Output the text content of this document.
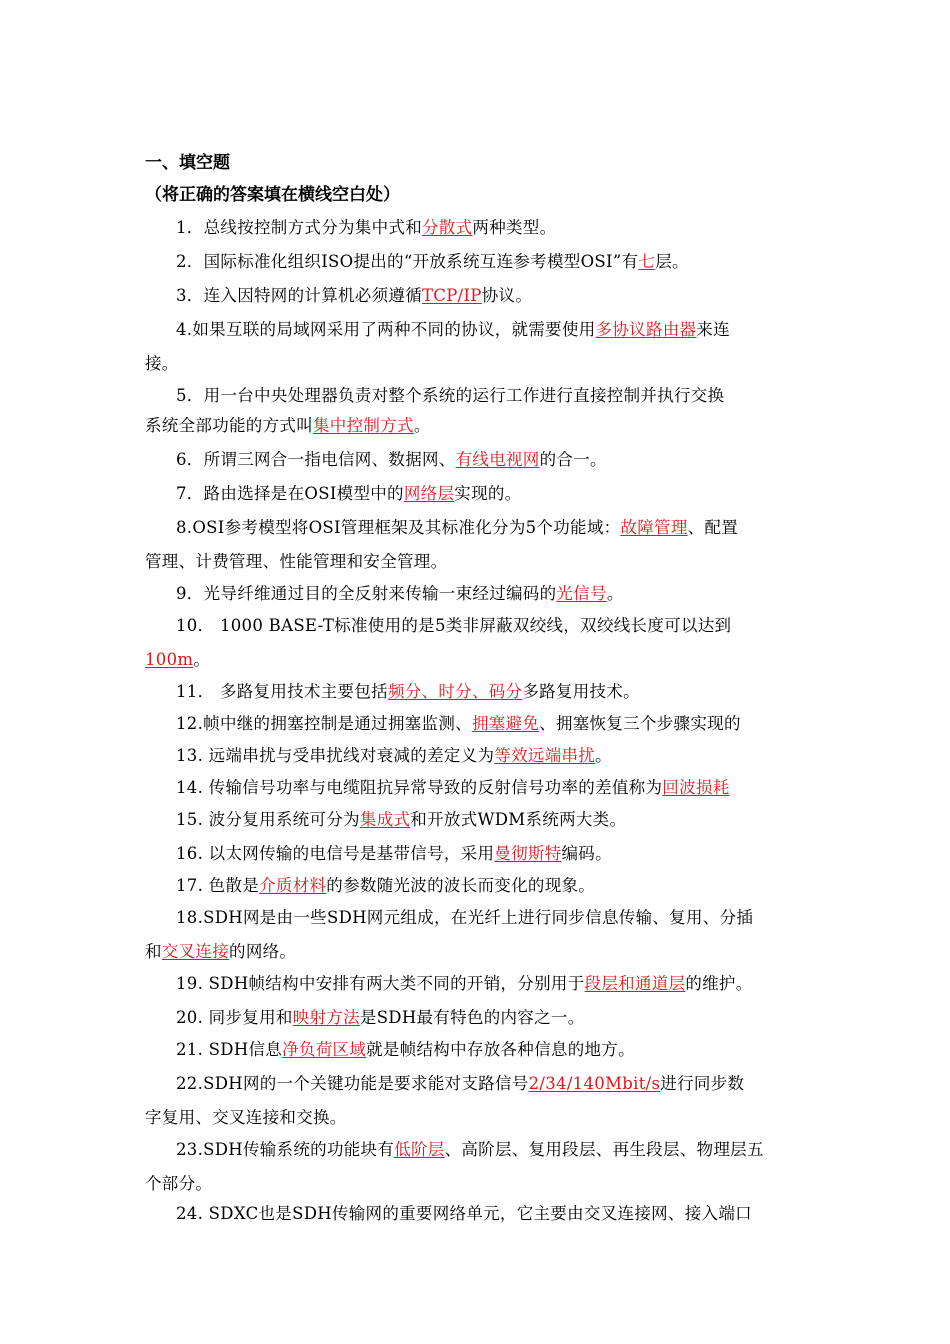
一、填空题
（将正确的答案填在横线空白处）
1．总线按控制方式分为集中式和分散式两种类型。
2．国际标准化组织ISO提出的“开放系统互连参考模型OSI”有七层。
3．连入因特网的计算机必须遵循TCP/IP协议。
4.如果互联的局域网采用了两种不同的协议，就需要使用多协议路由器来连
接。
5．用一台中央处理器负责对整个系统的运行工作进行直接控制并执行交换
系统全部功能的方式叫集中控制方式。
6．所谓三网合一指电信网、数据网、有线电视网的合一。
7．路由选择是在OSI模型中的网络层实现的。
8.OSI参考模型将OSI管理框架及其标准化分为5个功能域：故障管理、配置
管理、计费管理、性能管理和安全管理。
9．光导纤维通过目的全反射来传输一束经过编码的光信号。
10． 1000 BASE-T标准使用的是5类非屏蔽双绞线，双绞线长度可以达到
100m。
11． 多路复用技术主要包括频分、时分、码分多路复用技术。
12.帧中继的拥塞控制是通过拥塞监测、拥塞避免、拥塞恢复三个步骤实现的
13. 远端串扰与受串扰线对衰减的差定义为等效远端串扰。
14. 传输信号功率与电缆阻抗异常导致的反射信号功率的差值称为回波损耗
15. 波分复用系统可分为集成式和开放式WDM系统两大类。
16. 以太网传输的电信号是基带信号，采用曼彻斯特编码。
17. 色散是介质材料的参数随光波的波长而变化的现象。
18.SDH网是由一些SDH网元组成，在光纤上进行同步信息传输、复用、分插
和交叉连接的网络。
19. SDH帧结构中安排有两大类不同的开销，分别用于段层和通道层的维护。
20. 同步复用和映射方法是SDH最有特色的内容之一。
21. SDH信息净负荷区域就是帧结构中存放各种信息的地方。
22.SDH网的一个关键功能是要求能对支路信号2/34/140Mbit/s进行同步数
字复用、交叉连接和交换。
23.SDH传输系统的功能块有低阶层、高阶层、复用段层、再生段层、物理层五
个部分。
24. SDXC也是SDH传输网的重要网络单元，它主要由交叉连接网、接入端口
